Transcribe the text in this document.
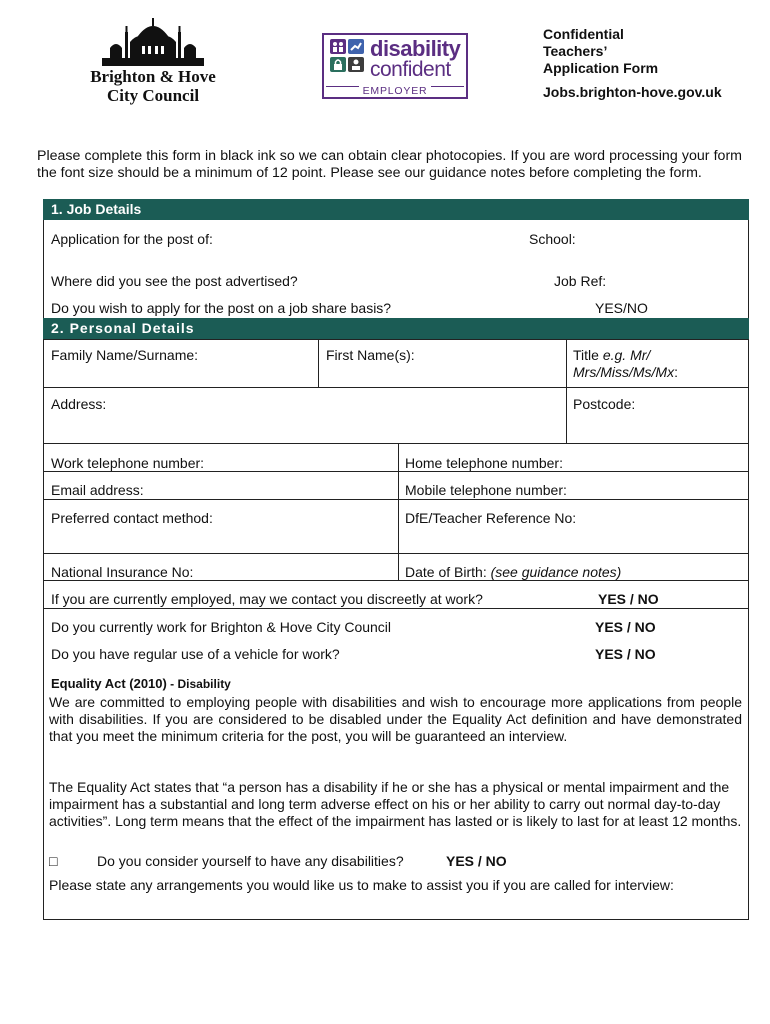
Brighton & Hove
City Council
disability
confident
EMPLOYER
Confidential
Teachers’
Application Form
Jobs.brighton-hove.gov.uk
Please complete this form in black ink so we can obtain clear photocopies. If you are word processing your form the font size should be a minimum of 12 point. Please see our guidance notes before completing the form.
1. Job Details
2. Personal Details
Application for the post of:	School:
Where did you see the post advertised?	Job Ref:
Do you wish to apply for the post on a job share basis?	YES/NO
Family Name/Surname:	First Name(s):	Title e.g. Mr/
Mrs/Miss/Ms/Mx:
Address:	Postcode:
Work telephone number:	Home telephone number:
Email address:	Mobile telephone number:
Preferred contact method:	DfE/Teacher Reference No:
National Insurance No:	Date of Birth: (see guidance notes)
If you are currently employed, may we contact you discreetly at work?	YES / NO
Do you currently work for Brighton & Hove City Council	YES / NO
Do you have regular use of a vehicle for work?	YES / NO
Equality Act (2010) - Disability
We are committed to employing people with disabilities and wish to encourage more applications from people with disabilities. If you are considered to be disabled under the Equality Act definition and have demonstrated that you meet the minimum criteria for the post, you will be guaranteed an interview.
The Equality Act states that “a person has a disability if he or she has a physical or mental impairment and the impairment has a substantial and long term adverse effect on his or her ability to carry out normal day-to-day activities”. Long term means that the effect of the impairment has lasted or is likely to last for at least 12 months.
□	Do you consider yourself to have any disabilities?	YES / NO
Please state any arrangements you would like us to make to assist you if you are called for interview:
